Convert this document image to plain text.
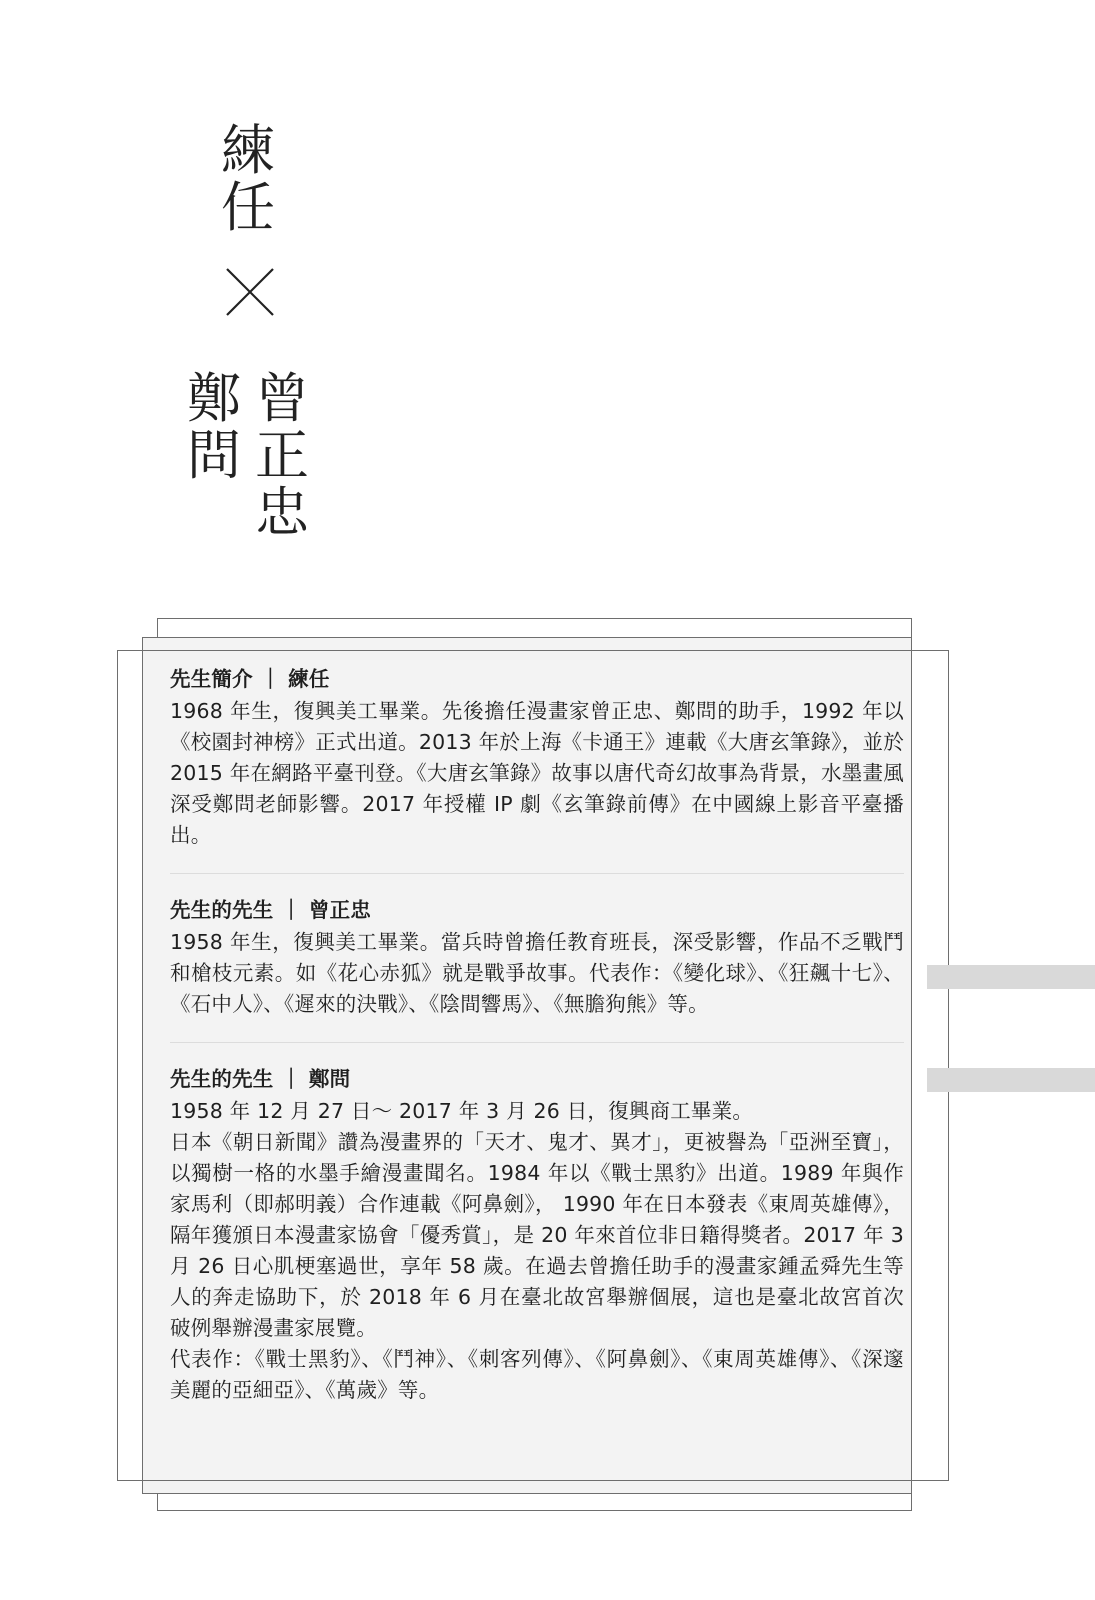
練
任
曾
正
忠
鄭
問

先生簡介 ｜ 練任

1968 年生，復興美工畢業。先後擔任漫畫家曾正忠、鄭問的助手，1992 年以《校園封神榜》正式出道。2013 年於上海《卡通王》連載《大唐玄筆錄》，並於 2015 年在網路平臺刊登。《大唐玄筆錄》故事以唐代奇幻故事為背景，水墨畫風深受鄭問老師影響。2017 年授權 IP 劇《玄筆錄前傳》在中國線上影音平臺播出。

先生的先生 ｜ 曾正忠

1958 年生，復興美工畢業。當兵時曾擔任教育班長，深受影響，作品不乏戰鬥和槍枝元素。如《花心赤狐》就是戰爭故事。代表作：《變化球》、《狂飆十七》、《石中人》、《遲來的決戰》、《陰間響馬》、《無膽狗熊》等。

先生的先生 ｜ 鄭問

1958 年 12 月 27 日～ 2017 年 3 月 26 日，復興商工畢業。

日本《朝日新聞》讚為漫畫界的「天才、鬼才、異才」，更被譽為「亞洲至寶」，以獨樹一格的水墨手繪漫畫聞名。1984 年以《戰士黑豹》出道。1989 年與作家馬利（即郝明義）合作連載《阿鼻劍》， 1990 年在日本發表《東周英雄傳》，隔年獲頒日本漫畫家協會「優秀賞」，是 20 年來首位非日籍得獎者。2017 年 3 月 26 日心肌梗塞過世，享年 58 歲。在過去曾擔任助手的漫畫家鍾孟舜先生等人的奔走協助下，於 2018 年 6 月在臺北故宮舉辦個展，這也是臺北故宮首次破例舉辦漫畫家展覽。

代表作：《戰士黑豹》、《鬥神》、《刺客列傳》、《阿鼻劍》、《東周英雄傳》、《深邃美麗的亞細亞》、《萬歲》等。
